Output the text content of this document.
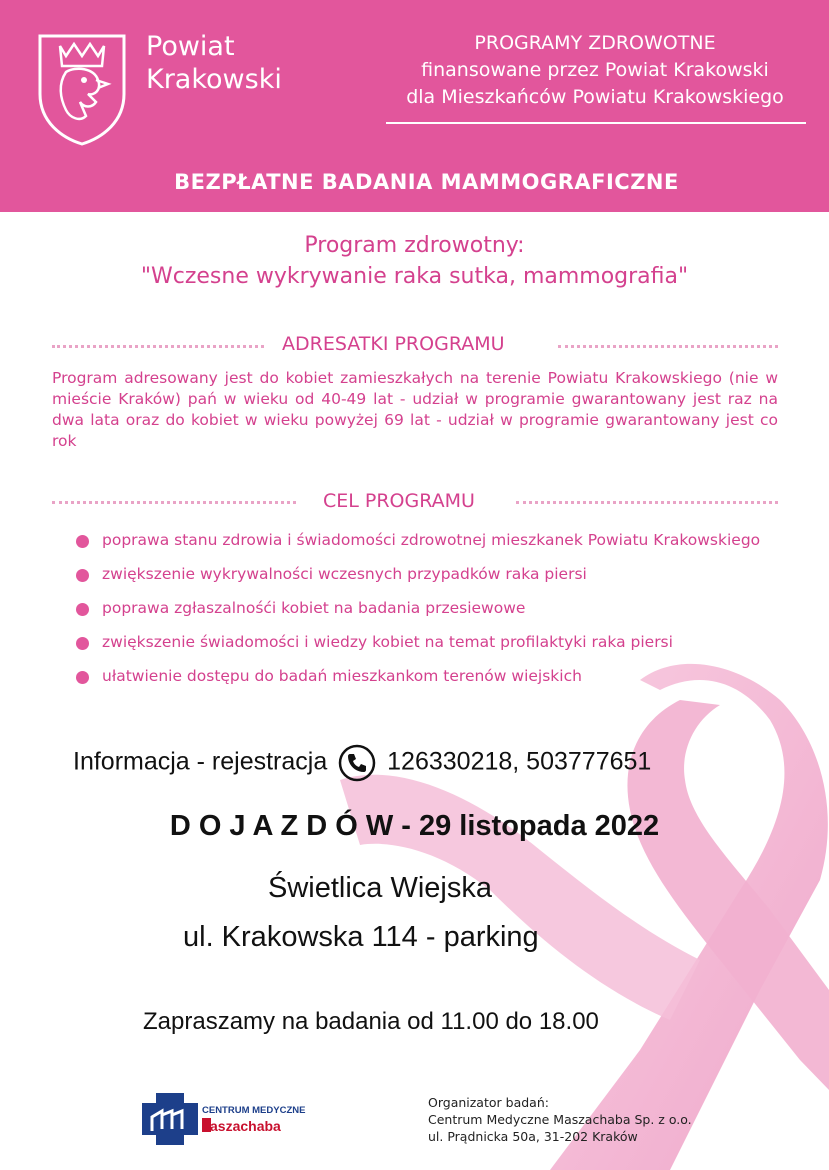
Powiat
Krakowski
PROGRAMY ZDROWOTNE
finansowane przez Powiat Krakowski
dla Mieszkańców Powiatu Krakowskiego
BEZPŁATNE BADANIA MAMMOGRAFICZNE
Program zdrowotny:
"Wczesne wykrywanie raka sutka, mammografia"
ADRESATKI PROGRAMU
Program adresowany jest do kobiet zamieszkałych na terenie Powiatu Krakowskiego (nie w mieście Kraków) pań w wieku od 40-49 lat - udział w programie gwarantowany jest raz na dwa lata oraz do kobiet w wieku powyżej 69 lat - udział w programie gwarantowany jest co rok
CEL PROGRAMU
poprawa stanu zdrowia i świadomości zdrowotnej mieszkanek Powiatu Krakowskiego
zwiększenie wykrywalności wczesnych przypadków raka piersi
poprawa zgłaszalnośći kobiet na badania przesiewowe
zwiększenie świadomości i wiedzy kobiet na temat profilaktyki raka piersi
ułatwienie dostępu do badań mieszkankom terenów wiejskich
Informacja - rejestracja 126330218, 503777651
D O J A Z D Ó W - 29 listopada 2022
Świetlica Wiejska
ul. Krakowska 114 - parking
Zapraszamy na badania od 11.00 do 18.00
CENTRUM MEDYCZNE
aszachaba
Organizator badań:
Centrum Medyczne Maszachaba Sp. z o.o.
ul. Prądnicka 50a, 31-202 Kraków
